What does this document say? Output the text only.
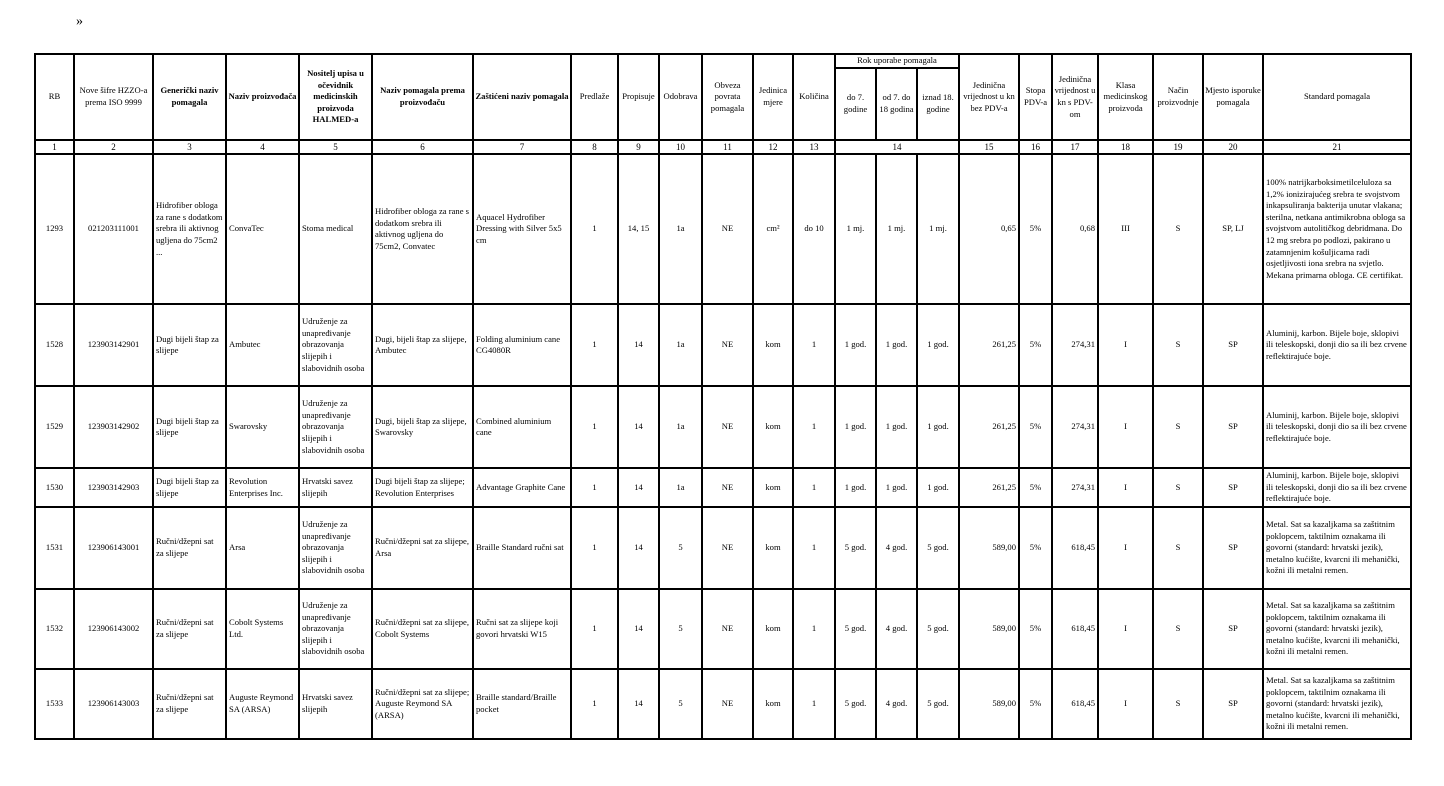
»
RB	Nove šifre HZZO-a prema ISO 9999	Generički naziv pomagala	Naziv proizvođača	Nositelj upisa u očevidnik medicinskih proizvoda HALMED-a	Naziv pomagala prema proizvođaču	Zaštićeni naziv pomagala	Predlaže	Propisuje	Odobrava	Obveza povrata pomagala	Jedinica mjere	Količina	Rok uporabe pomagala			Jedinična vrijednost u kn bez PDV-a	Stopa PDV-a	Jedinična vrijednost u kn s PDV-om	Klasa medicinskog proizvoda	Način proizvodnje	Mjesto isporuke pomagala	Standard pomagala
													do 7. godine	od 7. do 18 godina	iznad 18. godine							
1	2	3	4	5	6	7	8	9	10	11	12	13	14			15	16	17	18	19	20	21
1293	021203111001	Hidrofiber obloga za rane s dodatkom srebra ili aktivnog ugljena do 75cm2 ...	ConvaTec	Stoma medical	Hidrofiber obloga za rane s dodatkom srebra ili aktivnog ugljena do 75cm2, Convatec	Aquacel Hydrofiber Dressing with Silver 5x5 cm	1	14, 15	1a	NE	cm²	do 10	1 mj.	1 mj.	1 mj.	0,65	5%	0,68	III	S	SP, LJ	100% natrijkarboksimetilceluloza sa 1,2% ionizirajućeg srebra te svojstvom inkapsuliranja bakterija unutar vlakana; sterilna, netkana antimikrobna obloga sa svojstvom autolitičkog debridmana. Do 12 mg srebra po podlozi, pakirano u zatamnjenim košuljicama radi osjetljivosti iona srebra na svjetlo. Mekana primarna obloga. CE certifikat.
1528	123903142901	Dugi bijeli štap za slijepe	Ambutec	Udruženje za unapređivanje obrazovanja slijepih i slabovidnih osoba	Dugi, bijeli štap za slijepe, Ambutec	Folding aluminium cane CG4080R	1	14	1a	NE	kom	1	1 god.	1 god.	1 god.	261,25	5%	274,31	I	S	SP	Aluminij, karbon. Bijele boje, sklopivi ili teleskopski, donji dio sa ili bez crvene reflektirajuće boje.
1529	123903142902	Dugi bijeli štap za slijepe	Swarovsky	Udruženje za unapređivanje obrazovanja slijepih i slabovidnih osoba	Dugi, bijeli štap za slijepe, Swarovsky	Combined aluminium cane	1	14	1a	NE	kom	1	1 god.	1 god.	1 god.	261,25	5%	274,31	I	S	SP	Aluminij, karbon. Bijele boje, sklopivi ili teleskopski, donji dio sa ili bez crvene reflektirajuće boje.
1530	123903142903	Dugi bijeli štap za slijepe	Revolution Enterprises Inc.	Hrvatski savez slijepih	Dugi bijeli štap za slijepe; Revolution Enterprises	Advantage Graphite Cane	1	14	1a	NE	kom	1	1 god.	1 god.	1 god.	261,25	5%	274,31	I	S	SP	Aluminij, karbon. Bijele boje, sklopivi ili teleskopski, donji dio sa ili bez crvene reflektirajuće boje.
1531	123906143001	Ručni/džepni sat za slijepe	Arsa	Udruženje za unapređivanje obrazovanja slijepih i slabovidnih osoba	Ručni/džepni sat za slijepe, Arsa	Braille Standard ručni sat	1	14	5	NE	kom	1	5 god.	4 god.	5 god.	589,00	5%	618,45	I	S	SP	Metal. Sat sa kazaljkama sa zaštitnim poklopcem, taktilnim oznakama ili govorni (standard: hrvatski jezik), metalno kućište, kvarcni ili mehanički, kožni ili metalni remen.
1532	123906143002	Ručni/džepni sat za slijepe	Cobolt Systems Ltd.	Udruženje za unapređivanje obrazovanja slijepih i slabovidnih osoba	Ručni/džepni sat za slijepe, Cobolt Systems	Ručni sat za slijepe koji govori hrvatski W15	1	14	5	NE	kom	1	5 god.	4 god.	5 god.	589,00	5%	618,45	I	S	SP	Metal. Sat sa kazaljkama sa zaštitnim poklopcem, taktilnim oznakama ili govorni (standard: hrvatski jezik), metalno kućište, kvarcni ili mehanički, kožni ili metalni remen.
1533	123906143003	Ručni/džepni sat za slijepe	Auguste Reymond SA (ARSA)	Hrvatski savez slijepih	Ručni/džepni sat za slijepe; Auguste Reymond SA (ARSA)	Braille standard/Braille pocket	1	14	5	NE	kom	1	5 god.	4 god.	5 god.	589,00	5%	618,45	I	S	SP	Metal. Sat sa kazaljkama sa zaštitnim poklopcem, taktilnim oznakama ili govorni (standard: hrvatski jezik), metalno kućište, kvarcni ili mehanički, kožni ili metalni remen.
